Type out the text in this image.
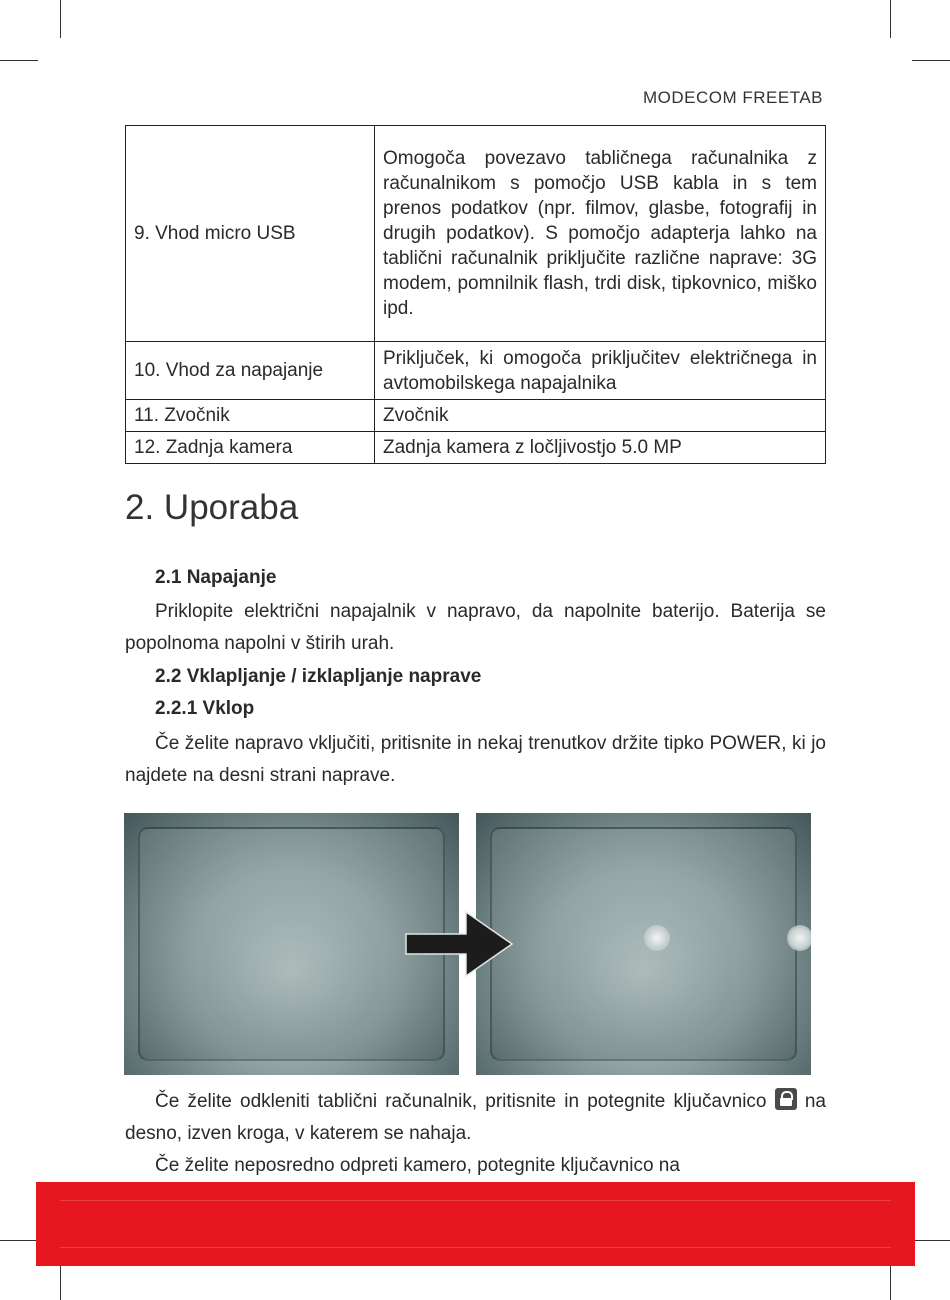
MODECOM FREETAB
9. Vhod micro USB	Omogoča povezavo tabličnega računalnika z računalnikom s pomočjo USB kabla in s tem prenos podatkov (npr. filmov, glasbe, fotografij in drugih podatkov). S pomočjo adapterja lahko na tablični računalnik priključite različne naprave: 3G modem, pomnilnik flash, trdi disk, tipkovnico, miško ipd.
10. Vhod za napajanje	Priključek, ki omogoča priključitev električnega in avtomobilskega napajalnika
11. Zvočnik	Zvočnik
12. Zadnja kamera	Zadnja kamera z ločljivostjo 5.0 MP
2. Uporaba
2.1 Napajanje

Priklopite električni napajalnik v napravo, da napolnite baterijo. Baterija se popolnoma napolni v štirih urah.

2.2 Vklapljanje / izklapljanje naprave
2.2.1 Vklop

Če želite napravo vključiti, pritisnite in nekaj trenutkov držite tipko POWER, ki jo najdete na desni strani naprave.

Če želite odkleniti tablični računalnik, pritisnite in potegnite ključavnico na desno, izven kroga, v katerem se nahaja.

Če želite neposredno odpreti kamero, potegnite ključavnico na
